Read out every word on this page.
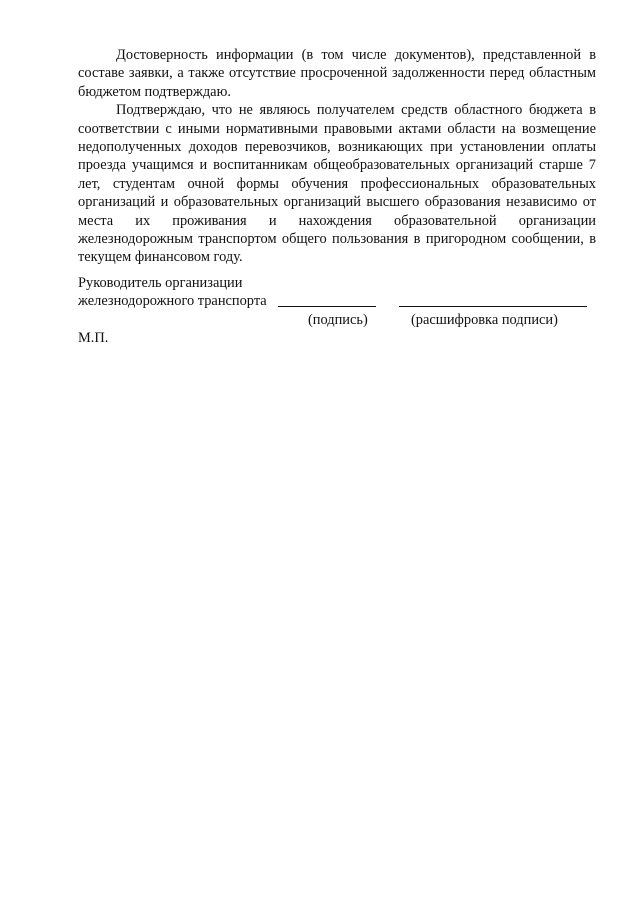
Достоверность информации (в том числе документов), представленной в составе заявки, а также отсутствие просроченной задолженности перед областным бюджетом подтверждаю.

Подтверждаю, что не являюсь получателем средств областного бюджета в соответствии с иными нормативными правовыми актами области на возмещение недополученных доходов перевозчиков, возникающих при установлении оплаты проезда учащимся и воспитанникам общеобразовательных организаций старше 7 лет, студентам очной формы обучения профессиональных образовательных организаций и образовательных организаций высшего образования независимо от места их проживания и нахождения образовательной организации железнодорожным транспортом общего пользования в пригородном сообщении, в текущем финансовом году.

Руководитель организации
железнодорожного транспорта
(подпись)	(расшифровка подписи)
М.П.
